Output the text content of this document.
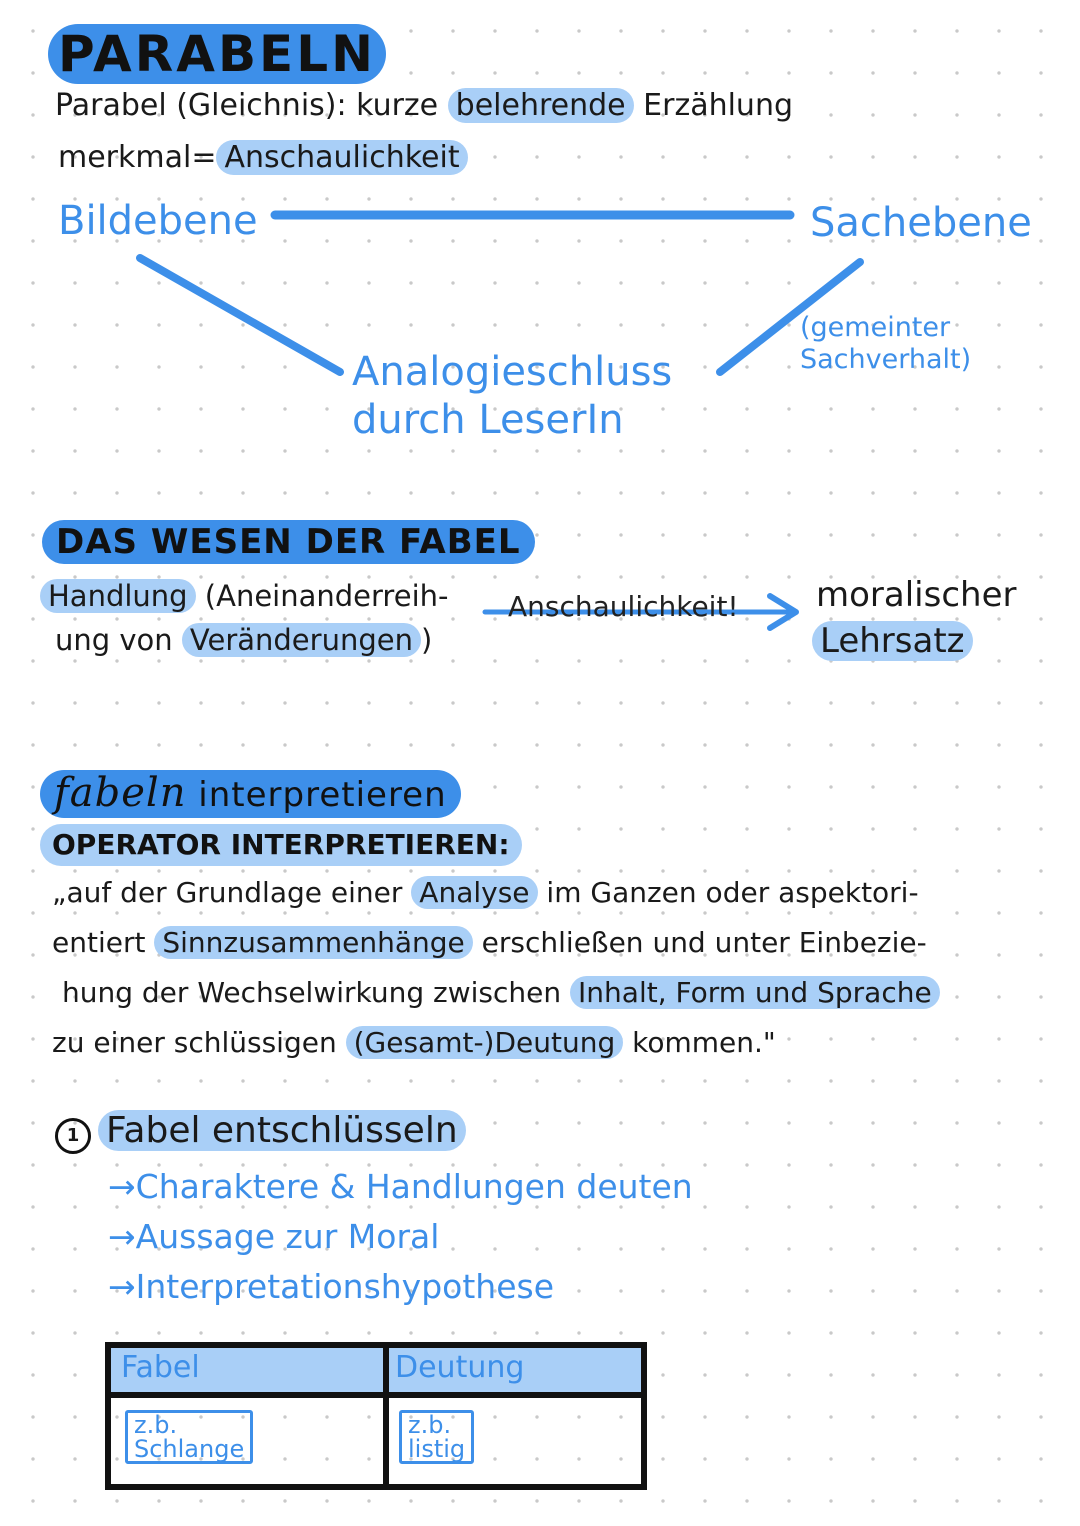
PARABELN
Parabel (Gleichnis): kurze belehrende Erzählung
merkmal= Anschaulichkeit
Bildebene	Sachebene
(gemeinter
Sachverhalt)
Analogieschluss
durch LeserIn
DAS WESEN DER FABEL
Handlung (Aneinanderreih-
ung von Veränderungen )
Anschaulichkeit! moralischer
Lehrsatz
fabeln interpretieren
OPERATOR INTERPRETIEREN:
„auf der Grundlage einer Analyse im Ganzen oder aspektori-
entiert Sinnzusammenhänge erschließen und unter Einbezie-
hung der Wechselwirkung zwischen Inhalt, Form und Sprache
zu einer schlüssigen (Gesamt-)Deutung kommen."
1 Fabel entschlüsseln
→Charaktere & Handlungen deuten
→Aussage zur Moral
→Interpretationshypothese
Fabel	Deutung
z.b.
Schlange
z.b.
listig
